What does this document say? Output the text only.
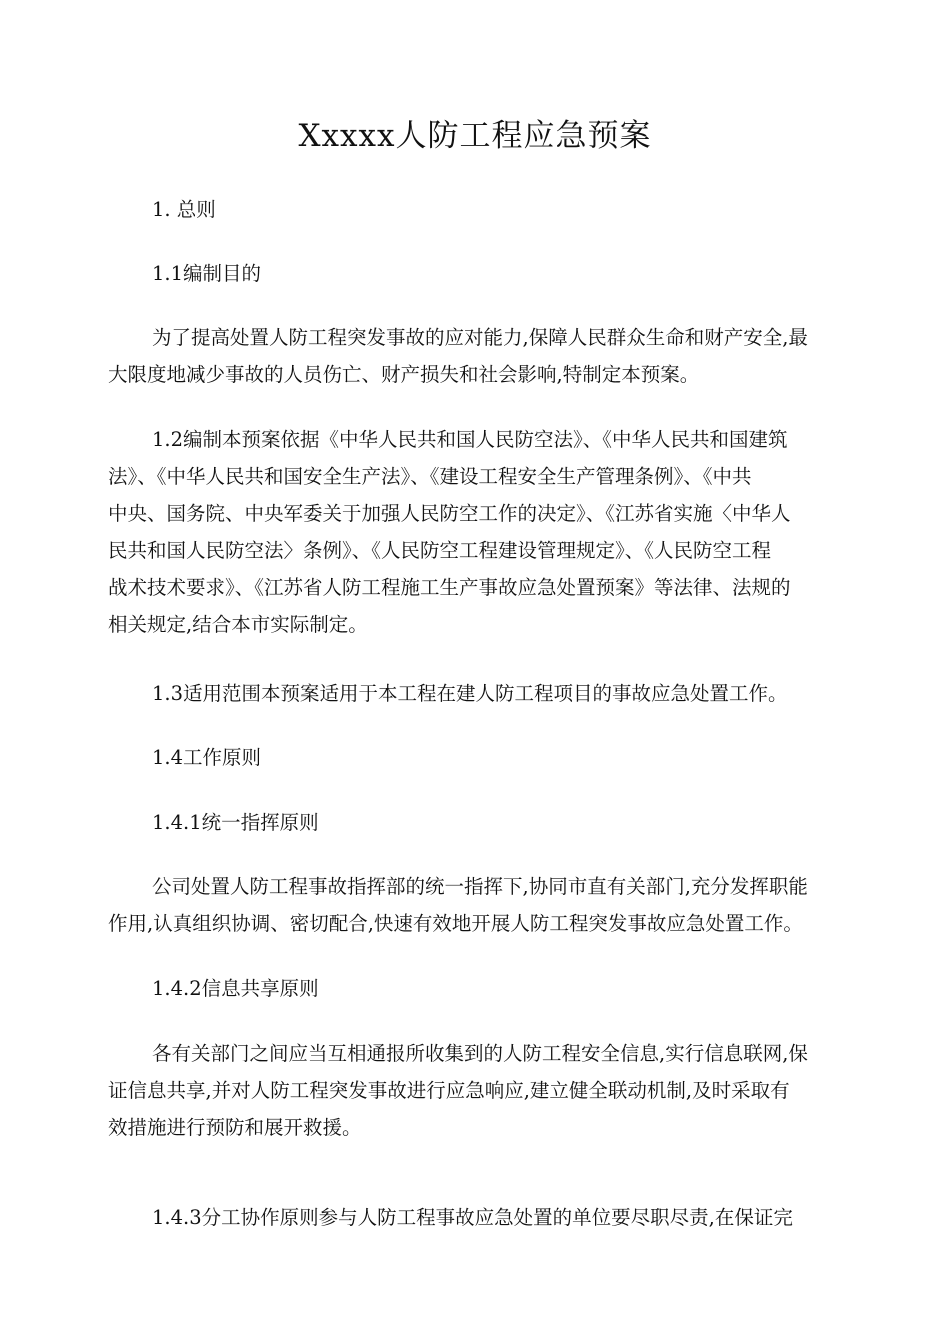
Xxxxx人防工程应急预案
1. 总则
1.1编制目的
为了提高处置人防工程突发事故的应对能力,保障人民群众生命和财产安全,最
大限度地减少事故的人员伤亡、财产损失和社会影响,特制定本预案。
1.2编制本预案依据《中华人民共和国人民防空法》、《中华人民共和国建筑
法》、《中华人民共和国安全生产法》、《建设工程安全生产管理条例》、《中共
中央、国务院、中央军委关于加强人民防空工作的决定》、《江苏省实施〈中华人
民共和国人民防空法〉条例》、《人民防空工程建设管理规定》、《人民防空工程
战术技术要求》、《江苏省人防工程施工生产事故应急处置预案》等法律、法规的
相关规定,结合本市实际制定。
1.3适用范围本预案适用于本工程在建人防工程项目的事故应急处置工作。
1.4工作原则
1.4.1统一指挥原则
公司处置人防工程事故指挥部的统一指挥下,协同市直有关部门,充分发挥职能
作用,认真组织协调、密切配合,快速有效地开展人防工程突发事故应急处置工作。
1.4.2信息共享原则
各有关部门之间应当互相通报所收集到的人防工程安全信息,实行信息联网,保
证信息共享,并对人防工程突发事故进行应急响应,建立健全联动机制,及时采取有
效措施进行预防和展开救援。
1.4.3分工协作原则参与人防工程事故应急处置的单位要尽职尽责,在保证完
